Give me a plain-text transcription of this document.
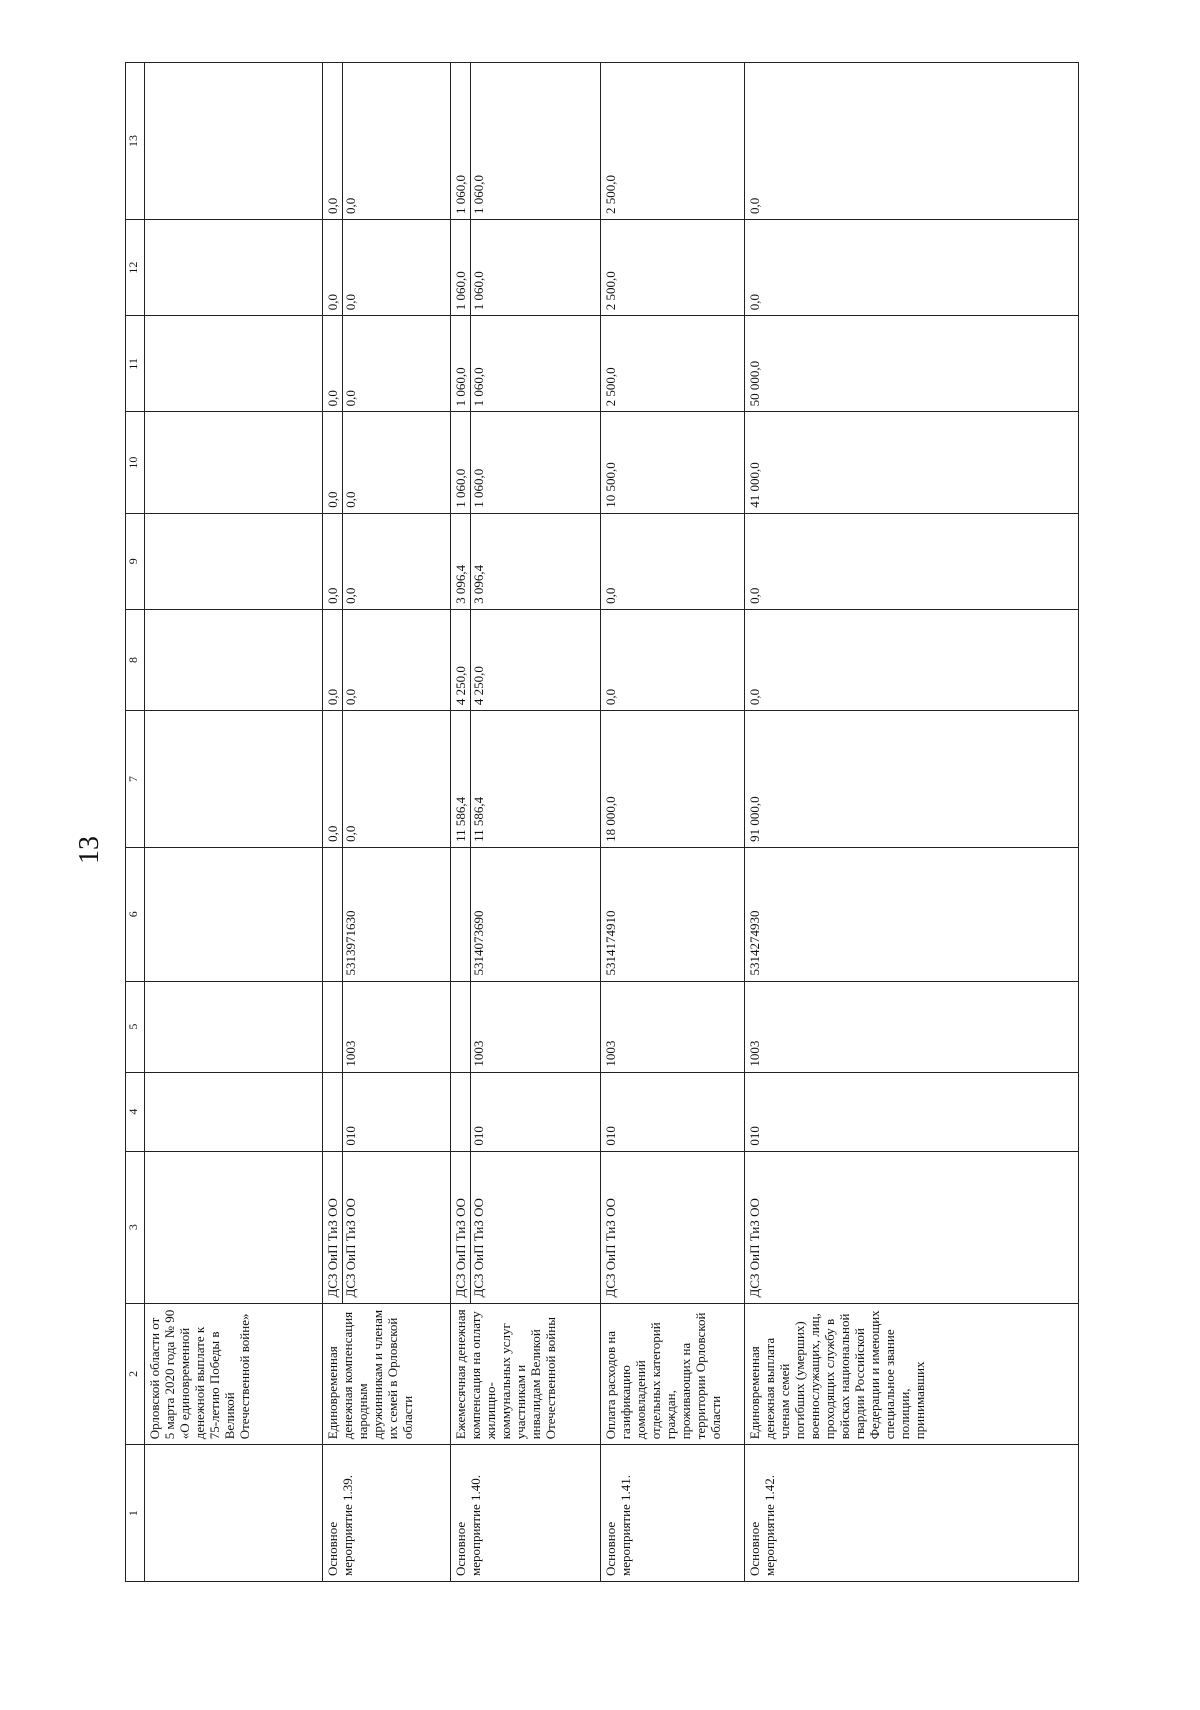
13
1	2	3	4	5	6	7	8	9	10	11	12	13
	Орловской области от 5 марта 2020 года № 90 «О единовременной денежной выплате к 75-летию Победы в Великой Отечественной войне»	

Основное мероприятие 1.39.	Единовременная денежная компенсация народным дружинникам и членам их семей в Орловской области	ДСЗ ОиП ТиЗ ОО ДСЗ ОиП ТиЗ ОО	010	1003	5313971630	0,0 0,0	0,0 0,0	0,0 0,0	0,0 0,0	0,0 0,0	0,0 0,0	0,0 0,0

Основное мероприятие 1.40.	Ежемесячная денежная компенсация на оплату жилищно-коммунальных услуг участникам и инвалидам Великой Отечественной войны	ДСЗ ОиП ТиЗ ОО ДСЗ ОиП ТиЗ ОО	010	1003	5314073690	11 586,4 11 586,4	4 250,0 4 250,0	3 096,4 3 096,4	1 060,0 1 060,0	1 060,0 1 060,0	1 060,0 1 060,0	1 060,0 1 060,0

Основное мероприятие 1.41.	Оплата расходов на газификацию домовладений отдельных категорий граждан, проживающих на территории Орловской области	ДСЗ ОиП ТиЗ ОО	010	1003	5314174910	18 000,0	0,0	0,0	10 500,0	2 500,0	2 500,0	2 500,0

Основное мероприятие 1.42.	Единовременная денежная выплата членам семей погибших (умерших) военнослужащих, лиц, проходящих службу в войсках национальной гвардии Российской Федерации и имеющих специальное звание полиции, принимавших	ДСЗ ОиП ТиЗ ОО	010	1003	5314274930	91 000,0	0,0	0,0	41 000,0	50 000,0	0,0	0,0
